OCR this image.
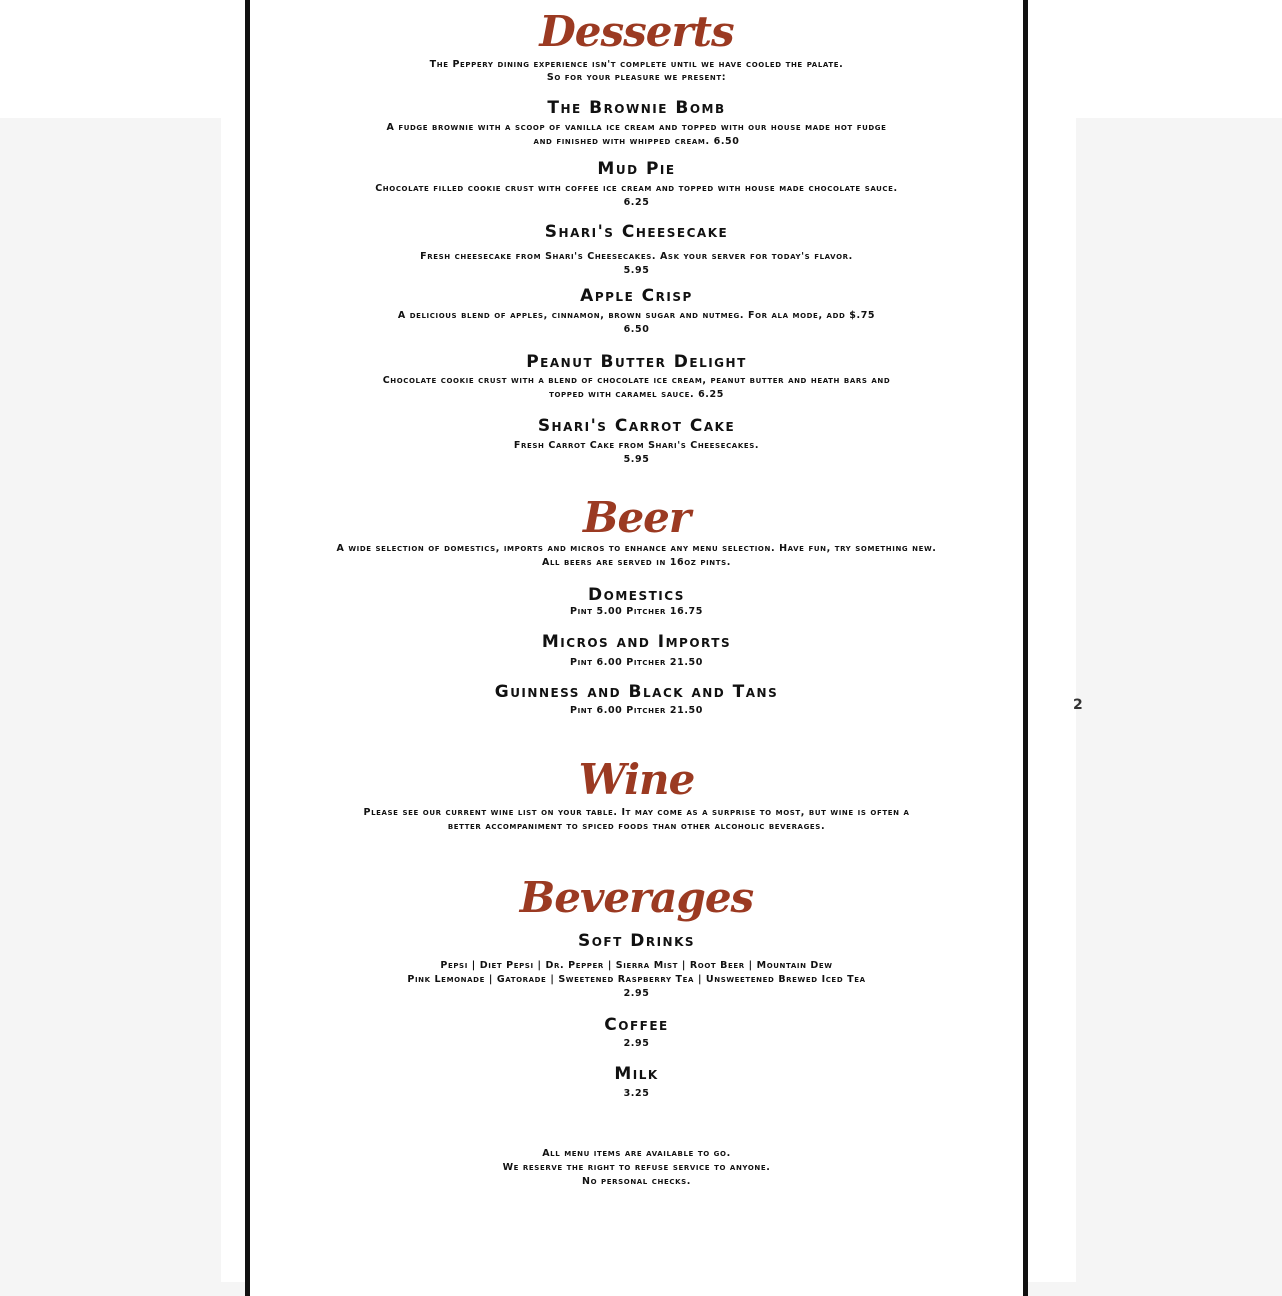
Desserts
The Peppery dining experience isn't complete until we have cooled the palate.
So for your pleasure we present:
The Brownie Bomb
A fudge brownie with a scoop of vanilla ice cream and topped with our house made hot fudge
and finished with whipped cream. 6.50
Mud Pie
Chocolate filled cookie crust with coffee ice cream and topped with house made chocolate sauce.
6.25
Shari's Cheesecake
Fresh cheesecake from Shari's Cheesecakes. Ask your server for today's flavor.
5.95
Apple Crisp
A delicious blend of apples, cinnamon, brown sugar and nutmeg. For ala mode, add $.75
6.50
Peanut Butter Delight
Chocolate cookie crust with a blend of chocolate ice cream, peanut butter and heath bars and
topped with caramel sauce. 6.25
Shari's Carrot Cake
Fresh Carrot Cake from Shari's Cheesecakes.
5.95
Beer
A wide selection of domestics, imports and micros to enhance any menu selection. Have fun, try something new.
All beers are served in 16oz pints.
Domestics
Pint 5.00 Pitcher 16.75
Micros and Imports
Pint 6.00 Pitcher 21.50
Guinness and Black and Tans
Pint 6.00 Pitcher 21.50
Wine
Please see our current wine list on your table. It may come as a surprise to most, but wine is often a
better accompaniment to spiced foods than other alcoholic beverages.
Beverages
Soft Drinks
Pepsi | Diet Pepsi | Dr. Pepper | Sierra Mist | Root Beer | Mountain Dew
Pink Lemonade | Gatorade | Sweetened Raspberry Tea | Unsweetened Brewed Iced Tea
2.95
Coffee
2.95
Milk
3.25
All menu items are available to go.
We reserve the right to refuse service to anyone.
No personal checks.
2
